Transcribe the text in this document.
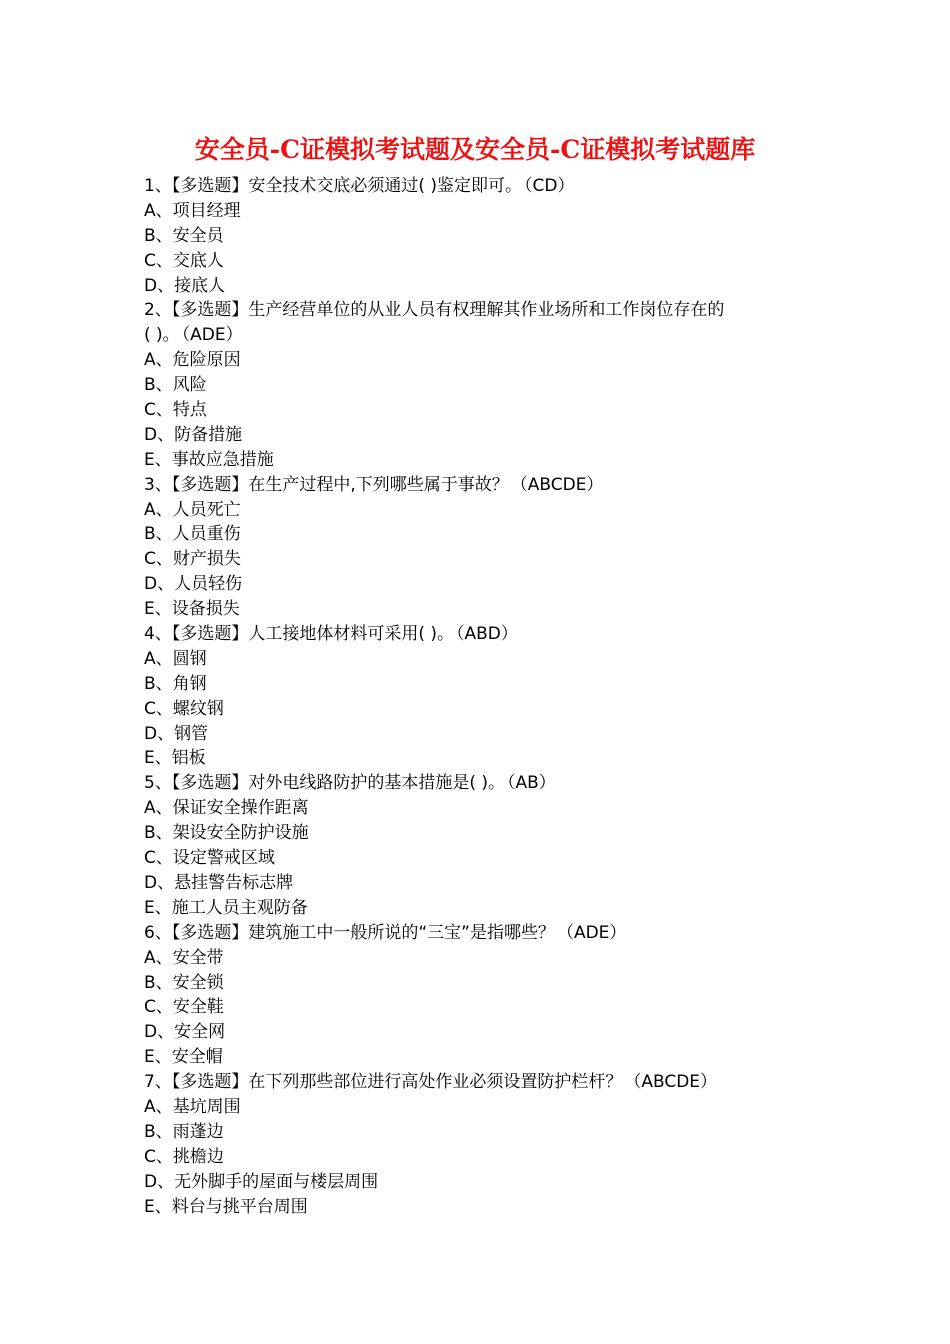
安全员-C证模拟考试题及安全员-C证模拟考试题库
1、【多选题】安全技术交底必须通过( )鉴定即可。 （CD）
A、项目经理
B、安全员
C、交底人
D、接底人
2、【多选题】生产经营单位的从业人员有权理解其作业场所和工作岗位存在的
( )。 （ADE）
A、危险原因
B、风险
C、特点
D、防备措施
E、事故应急措施
3、【多选题】在生产过程中,下列哪些属于事故？ （ABCDE）
A、人员死亡
B、人员重伤
C、财产损失
D、人员轻伤
E、设备损失
4、【多选题】人工接地体材料可采用( )。 （ABD）
A、圆钢
B、角钢
C、螺纹钢
D、钢管
E、铝板
5、【多选题】对外电线路防护的基本措施是( )。 （AB）
A、保证安全操作距离
B、架设安全防护设施
C、设定警戒区域
D、悬挂警告标志牌
E、施工人员主观防备
6、【多选题】建筑施工中一般所说的“三宝”是指哪些？ （ADE）
A、安全带
B、安全锁
C、安全鞋
D、安全网
E、安全帽
7、【多选题】在下列那些部位进行高处作业必须设置防护栏杆？ （ABCDE）
A、基坑周围
B、雨蓬边
C、挑檐边
D、无外脚手的屋面与楼层周围
E、料台与挑平台周围
